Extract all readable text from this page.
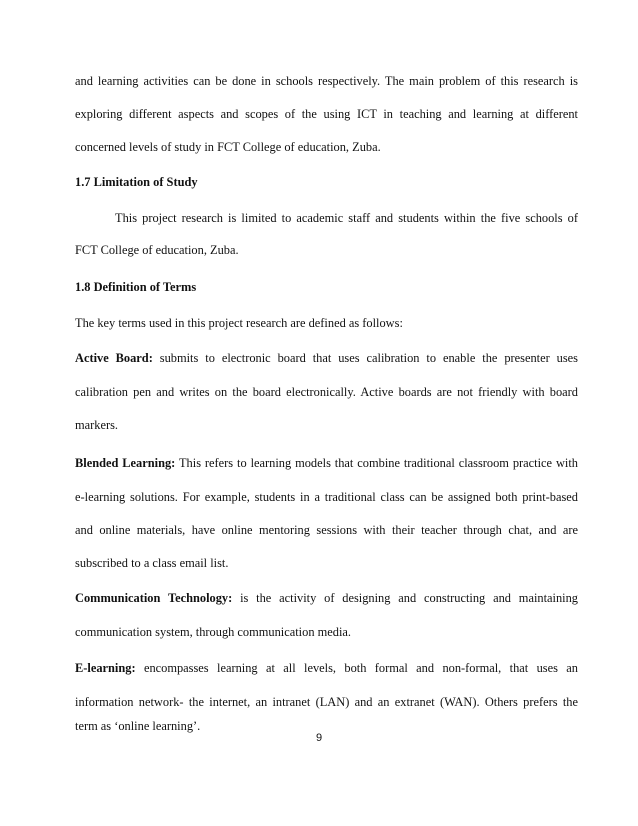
and learning activities can be done in schools respectively. The main problem of this research is
exploring different aspects and scopes of the using ICT in teaching and learning at different
concerned levels of study in FCT College of education, Zuba.
1.7 Limitation of Study
This project research is limited to academic staff and students within the five schools of
FCT College of education, Zuba.
1.8 Definition of Terms
The key terms used in this project research are defined as follows:
Active Board: submits to electronic board that uses calibration to enable the presenter uses
calibration pen and writes on the board electronically. Active boards are not friendly with board
markers.
Blended Learning: This refers to learning models that combine traditional classroom practice with
e-learning solutions. For example, students in a traditional class can be assigned both print-based
and online materials, have online mentoring sessions with their teacher through chat, and are
subscribed to a class email list.
Communication Technology: is the activity of designing and constructing and maintaining
communication system, through communication media.
E-learning: encompasses learning at all levels, both formal and non-formal, that uses an
information network- the internet, an intranet (LAN) and an extranet (WAN). Others prefers the
term as ‘online learning’.
9
